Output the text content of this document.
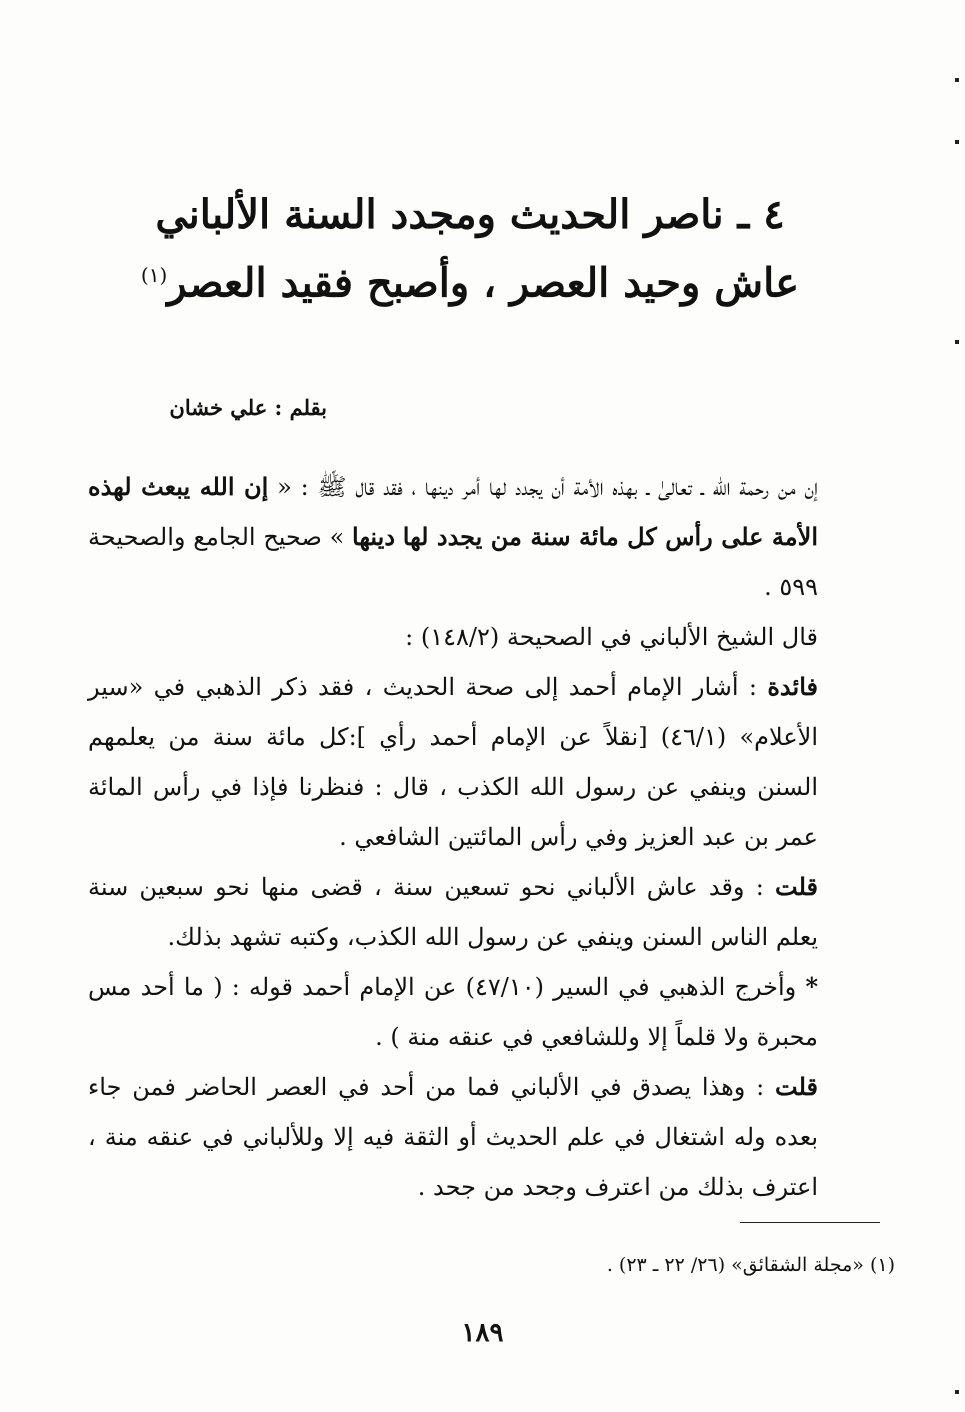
٤ ـ ناصر الحديث ومجدد السنة الألباني
عاش وحيد العصر ، وأصبح فقيد العصر$^{(١)}$
بقلم : علي خشان

إن من رحمة الله ـ تعالىٰ ـ بهذه الأمة أن يجدد لها أمر دينها ، فقد قال ﷺ : « إن الله يبعث لهذه الأمة على رأس كل مائة سنة من يجدد لها دينها » صحيح الجامع والصحيحة ٥٩٩ .

قال الشيخ الألباني في الصحيحة (١٤٨/٢) :

فائدة : أشار الإمام أحمد إلى صحة الحديث ، فقد ذكر الذهبي في «سير الأعلام» (٤٦/١) [نقلاً عن الإمام أحمد رأي ]:كل مائة سنة من يعلمهم السنن وينفي عن رسول الله الكذب ، قال : فنظرنا فإذا في رأس المائة عمر بن عبد العزيز وفي رأس المائتين الشافعي .

قلت : وقد عاش الألباني نحو تسعين سنة ، قضى منها نحو سبعين سنة يعلم الناس السنن وينفي عن رسول الله الكذب، وكتبه تشهد بذلك.

* وأخرج الذهبي في السير (٤٧/١٠) عن الإمام أحمد قوله : ( ما أحد مس محبرة ولا قلماً إلا وللشافعي في عنقه منة ) .

قلت : وهذا يصدق في الألباني فما من أحد في العصر الحاضر فمن جاء بعده وله اشتغال في علم الحديث أو الثقة فيه إلا وللألباني في عنقه منة ، اعترف بذلك من اعترف وجحد من جحد .

(١) «مجلة الشقائق» (٢٦/ ٢٢ ـ ٢٣) .
١٨٩
